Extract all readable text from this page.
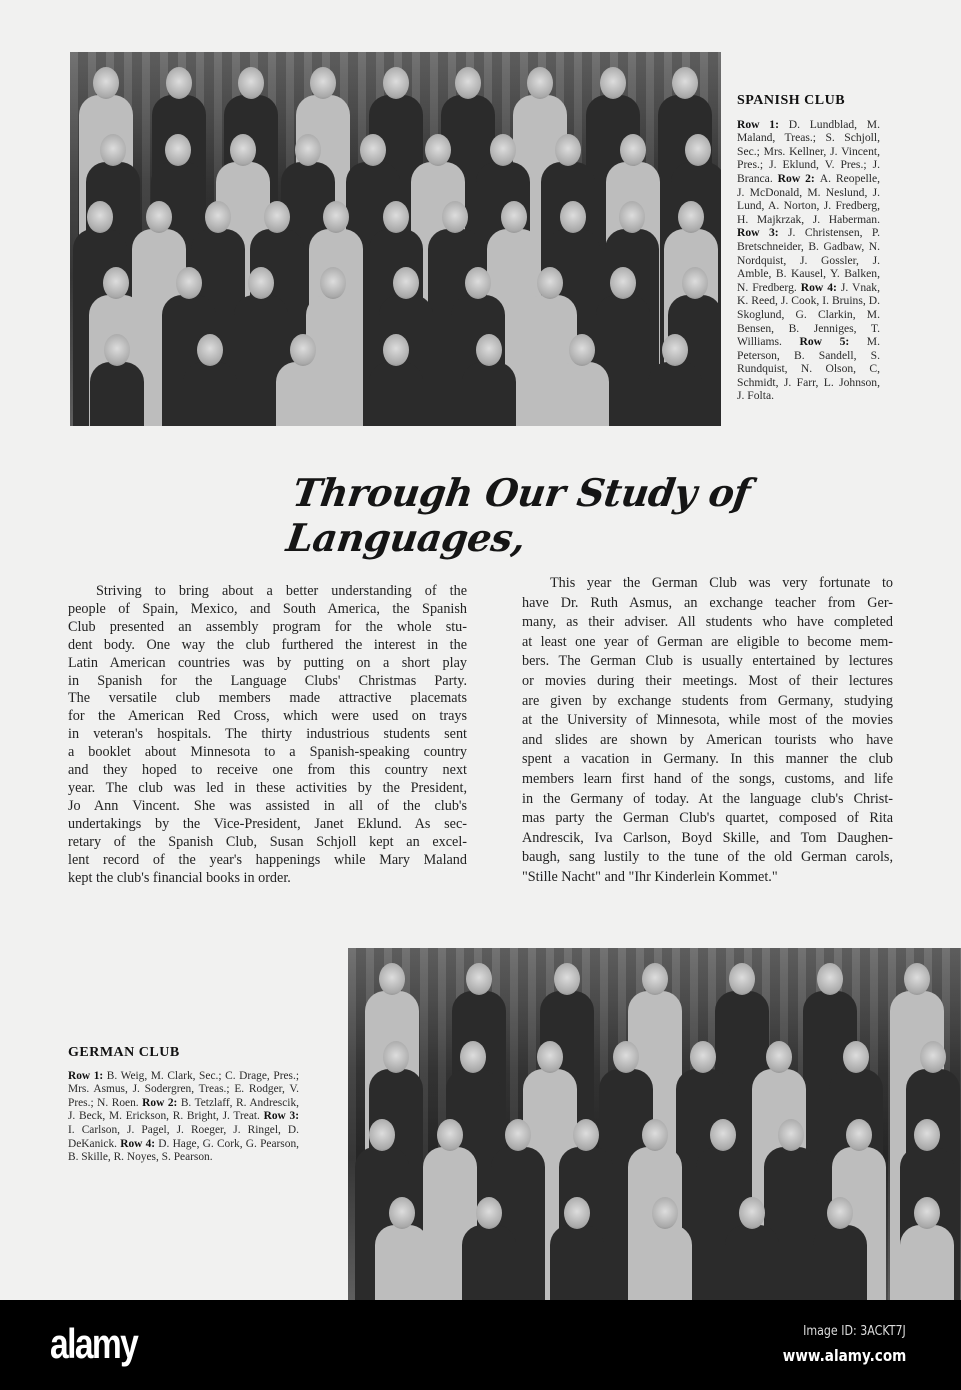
SPANISH CLUB
Row 1: D. Lundblad, M. Maland, Treas.; S. Schjoll, Sec.; Mrs. Kellner, J. Vincent, Pres.; J. Eklund, V. Pres.; J. Branca. Row 2: A. Reopelle, J. McDonald, M. Neslund, J. Lund, A. Norton, J. Fredberg, H. Majkrzak, J. Haberman. Row 3: J. Christensen, P. Bretschneider, B. Gadbaw, N. Nordquist, J. Gossler, J. Amble, B. Kausel, Y. Balken, N. Fredberg. Row 4: J. Vnak, K. Reed, J. Cook, I. Bruins, D. Skoglund, G. Clarkin, M. Bensen, B. Jenniges, T. Williams. Row 5: M. Peterson, B. Sandell, S. Rundquist, N. Olson, C, Schmidt, J. Farr, L. Johnson, J. Folta.
Through Our Study of Languages,
Striving to bring about a better understanding of the
people of Spain, Mexico, and South America, the Spanish
Club presented an assembly program for the whole stu-
dent body. One way the club furthered the interest in the
Latin American countries was by putting on a short play
in Spanish for the Language Clubs' Christmas Party.
The versatile club members made attractive placemats
for the American Red Cross, which were used on trays
in veteran's hospitals. The thirty industrious students sent
a booklet about Minnesota to a Spanish-speaking country
and they hoped to receive one from this country next
year. The club was led in these activities by the President,
Jo Ann Vincent. She was assisted in all of the club's
undertakings by the Vice-President, Janet Eklund. As sec-
retary of the Spanish Club, Susan Schjoll kept an excel-
lent record of the year's happenings while Mary Maland
kept the club's financial books in order.
This year the German Club was very fortunate to
have Dr. Ruth Asmus, an exchange teacher from Ger-
many, as their adviser. All students who have completed
at least one year of German are eligible to become mem-
bers. The German Club is usually entertained by lectures
or movies during their meetings. Most of their lectures
are given by exchange students from Germany, studying
at the University of Minnesota, while most of the movies
and slides are shown by American tourists who have
spent a vacation in Germany. In this manner the club
members learn first hand of the songs, customs, and life
in the Germany of today. At the language club's Christ-
mas party the German Club's quartet, composed of Rita
Andrescik, Iva Carlson, Boyd Skille, and Tom Daughen-
baugh, sang lustily to the tune of the old German carols,
"Stille Nacht" and "Ihr Kinderlein Kommet."
GERMAN CLUB
Row 1: B. Weig, M. Clark, Sec.; C. Drage, Pres.; Mrs. Asmus, J. Sodergren, Treas.; E. Rodger, V. Pres.; N. Roen. Row 2: B. Tetzlaff, R. Andrescik, J. Beck, M. Erickson, R. Bright, J. Treat. Row 3: I. Carlson, J. Pagel, J. Roeger, J. Ringel, D. DeKanick. Row 4: D. Hage, G. Cork, G. Pearson, B. Skille, R. Noyes, S. Pearson.
alamy	Image ID: 3ACKT7J
www.alamy.com
